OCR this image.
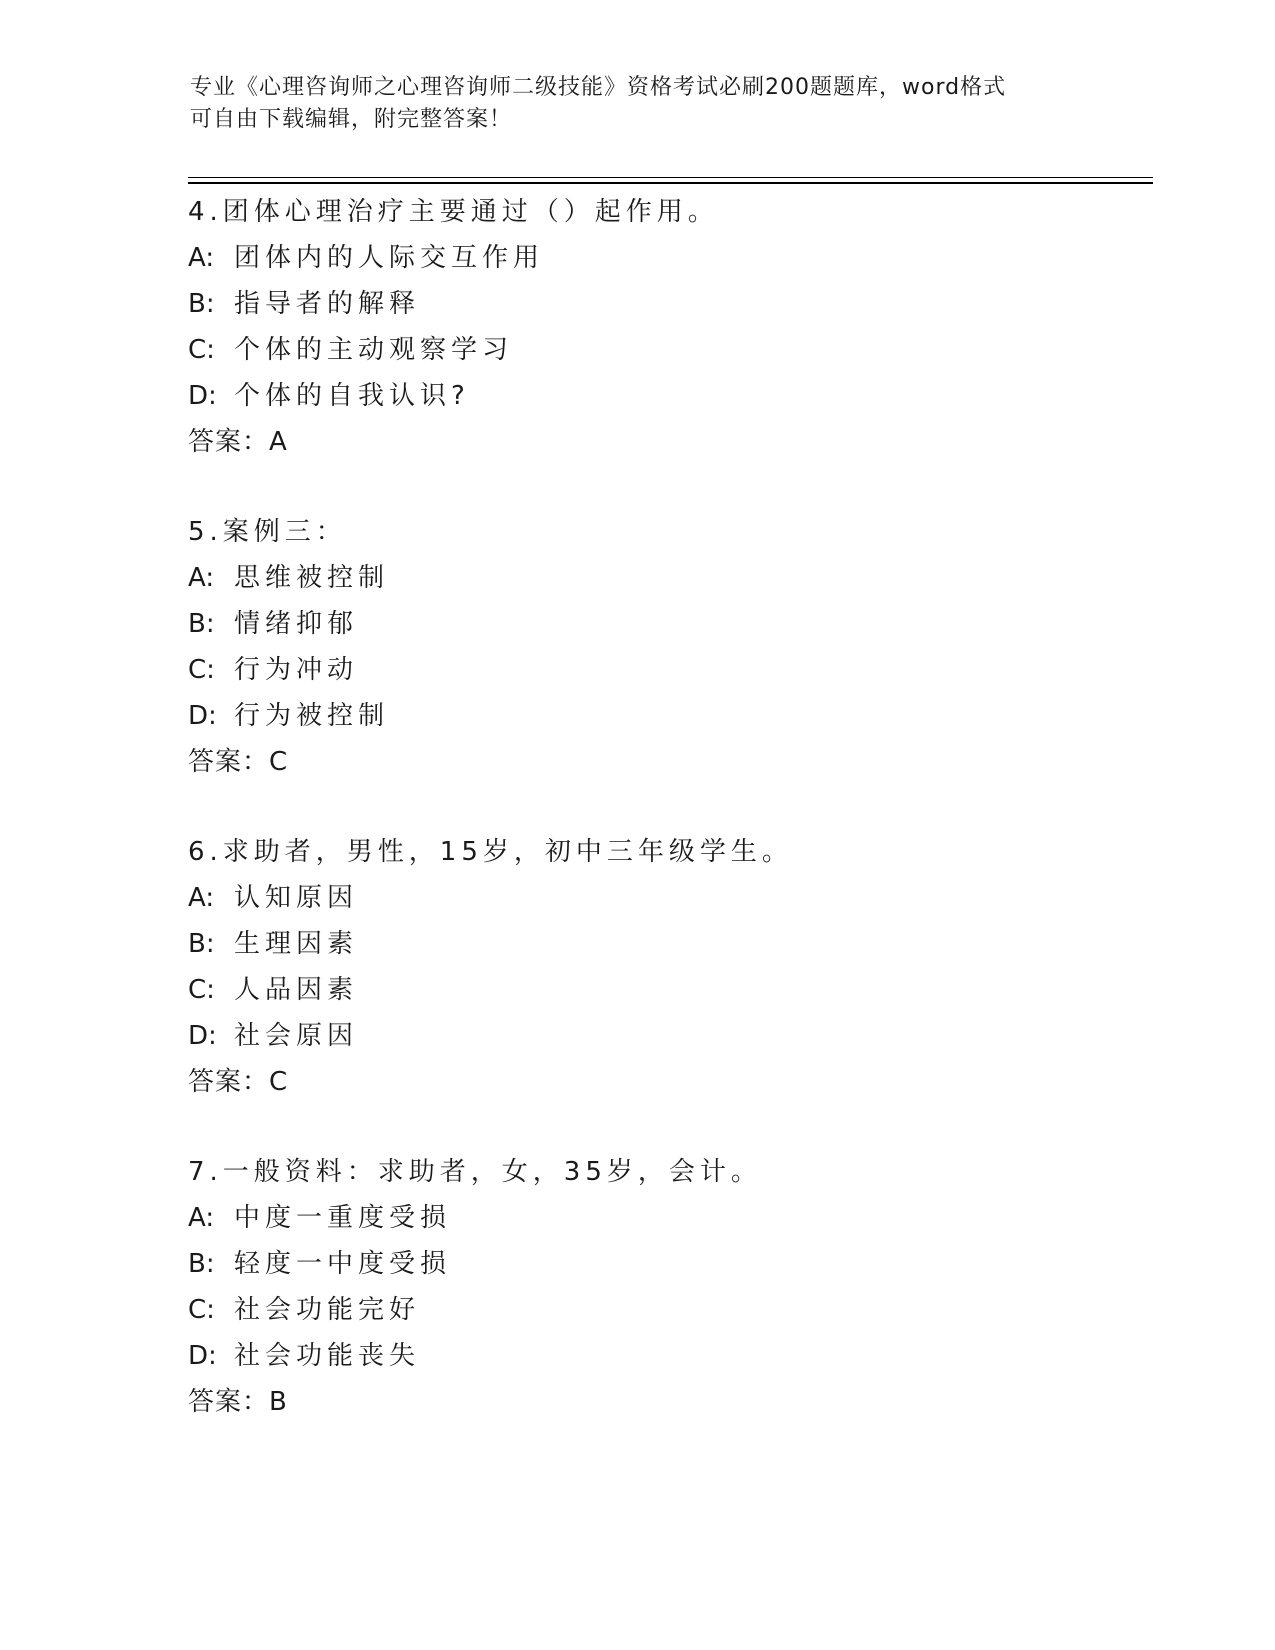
专业《心理咨询师之心理咨询师二级技能》资格考试必刷200题题库，word格式
可自由下载编辑，附完整答案！
4.团体心理治疗主要通过（）起作用。
A: 团体内的人际交互作用
B: 指导者的解释
C: 个体的主动观察学习
D: 个体的自我认识?
答案：A
5.案例三：
A: 思维被控制
B: 情绪抑郁
C: 行为冲动
D: 行为被控制
答案：C
6.求助者，男性，15岁，初中三年级学生。
A: 认知原因
B: 生理因素
C: 人品因素
D: 社会原因
答案：C
7.一般资料：求助者，女，35岁，会计。
A: 中度一重度受损
B: 轻度一中度受损
C: 社会功能完好
D: 社会功能丧失
答案：B
